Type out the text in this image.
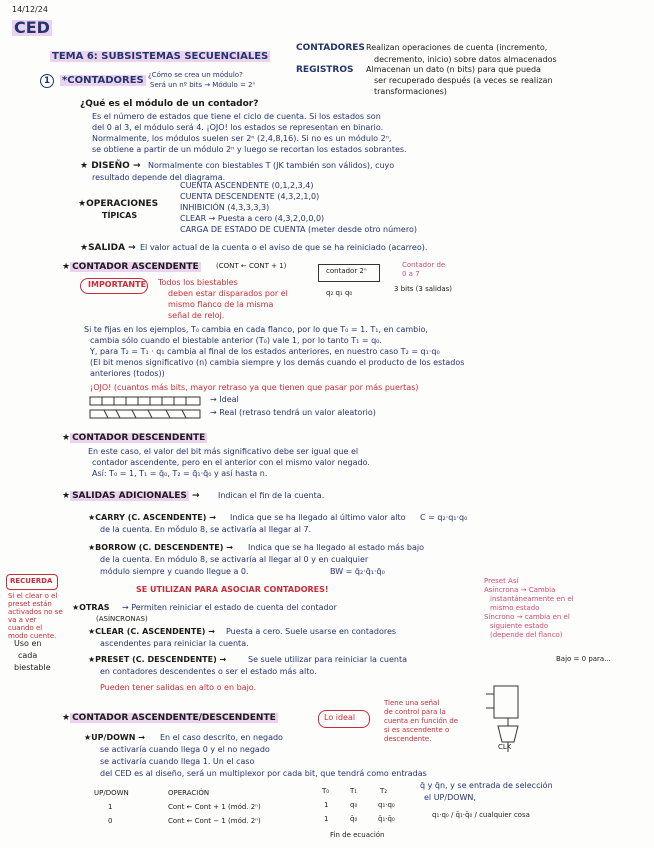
14/12/24
CED
TEMA 6: SUBSISTEMAS SECUENCIALES
CONTADORES Realizan operaciones de cuenta (incremento,
decremento, inicio) sobre datos almacenados
REGISTROS Almacenan un dato (n bits) para que pueda
ser recuperado después (a veces se realizan
transformaciones)
1	*CONTADORES ¿Cómo se crea un módulo?
Será un nº bits → Módulo = 2ⁿ
¿Qué es el módulo de un contador?
Es el número de estados que tiene el ciclo de cuenta. Si los estados son
del 0 al 3, el módulo será 4. ¡OJO! los estados se representan en binario.
Normalmente, los módulos suelen ser 2ⁿ (2,4,8,16). Si no es un módulo 2ⁿ,
se obtiene a partir de un módulo 2ⁿ y luego se recortan los estados sobrantes.
★ DISEÑO → Normalmente con biestables T (JK también son válidos), cuyo
resultado depende del diagrama.
★OPERACIONES
TÍPICAS
CUENTA ASCENDENTE (0,1,2,3,4)
CUENTA DESCENDENTE (4,3,2,1,0)
INHIBICIÓN (4,3,3,3,3)
CLEAR → Puesta a cero (4,3,2,0,0,0)
CARGA DE ESTADO DE CUENTA (meter desde otro número)
★SALIDA → El valor actual de la cuenta o el aviso de que se ha reiniciado (acarreo).
★ CONTADOR ASCENDENTE (CONT ← CONT + 1)
contador 2ⁿ
q₂ q₁ q₀	3 bits (3 salidas)
Contador de
0 a 7
IMPORTANTE Todos los biestables
deben estar disparados por el
mismo flanco de la misma
señal de reloj.
Si te fijas en los ejemplos, T₀ cambia en cada flanco, por lo que T₀ = 1. T₁, en cambio,
cambia sólo cuando el biestable anterior (T₀) vale 1, por lo tanto T₁ = q₀.
Y, para T₂ = T₁ · q₁ cambia al final de los estados anteriores, en nuestro caso T₂ = q₁·q₀
(El bit menos significativo (n) cambia siempre y los demás cuando el producto de los estados
anteriores (todos))
¡OJO! (cuantos más bits, mayor retraso ya que tienen que pasar por más puertas)
→ Ideal
→ Real (retraso tendrá un valor aleatorio)
★ CONTADOR DESCENDENTE
En este caso, el valor del bit más significativo debe ser igual que el
contador ascendente, pero en el anterior con el mismo valor negado.
Así: T₀ = 1, T₁ = q̄₀, T₂ = q̄₁·q̄₀ y así hasta n.
★ SALIDAS ADICIONALES → Indican el fin de la cuenta.
★CARRY (C. ASCENDENTE) → Indica que se ha llegado al último valor alto
de la cuenta. En módulo 8, se activaría al llegar al 7.
C = q₂·q₁·q₀
★BORROW (C. DESCENDENTE) → Indica que se ha llegado al estado más bajo
de la cuenta. En módulo 8, se activaría al llegar al 0 y en cualquier
módulo siempre y cuando llegue a 0.	BW = q̄₂·q̄₁·q̄₀
RECUERDA
Si el clear o el preset están activados no se va a ver cuando el modo cuente.
SE UTILIZAN PARA ASOCIAR CONTADORES!
Preset Así
Asíncrona → Cambia
instantáneamente en el
mismo estado
Síncrono → cambia en el
siguiente estado
(depende del flanco)
★OTRAS
(ASÍNCRONAS)
→ Permiten reiniciar el estado de cuenta del contador
Uso en
cada
biestable
★CLEAR (C. ASCENDENTE) → Puesta a cero. Suele usarse en contadores
ascendentes para reiniciar la cuenta.
★PRESET (C. DESCENDENTE) →	Se suele utilizar para reiniciar la cuenta
en contadores descendentes o ser el estado más alto.
Pueden tener salidas en alto o en bajo.
Bajo = 0 para...
★ CONTADOR ASCENDENTE/DESCENDENTE	Lo ideal
Tiene una señal
de control para la
cuenta en función de
si es ascendente o
descendente.
CLK
★UP/DOWN → En el caso descrito, en negado
se activaría cuando llega 0 y el no negado
se activaría cuando llega 1. Un el caso
del CED es al diseño, será un multiplexor por cada bit, que tendrá como entradas
q̄ y q̄n, y se entrada de selección
el UP/DOWN,
q₁·q₀ / q̄₁·q̄₀ / cualquier cosa
UP/DOWN	OPERACIÓN
1	Cont ← Cont + 1 (mód. 2ⁿ)
0	Cont ← Cont − 1 (mód. 2ⁿ)
T₀	T₁	T₂
1	q₀	q₁·q₀
1	q̄₀	q̄₁·q̄₀
Fin de ecuación
